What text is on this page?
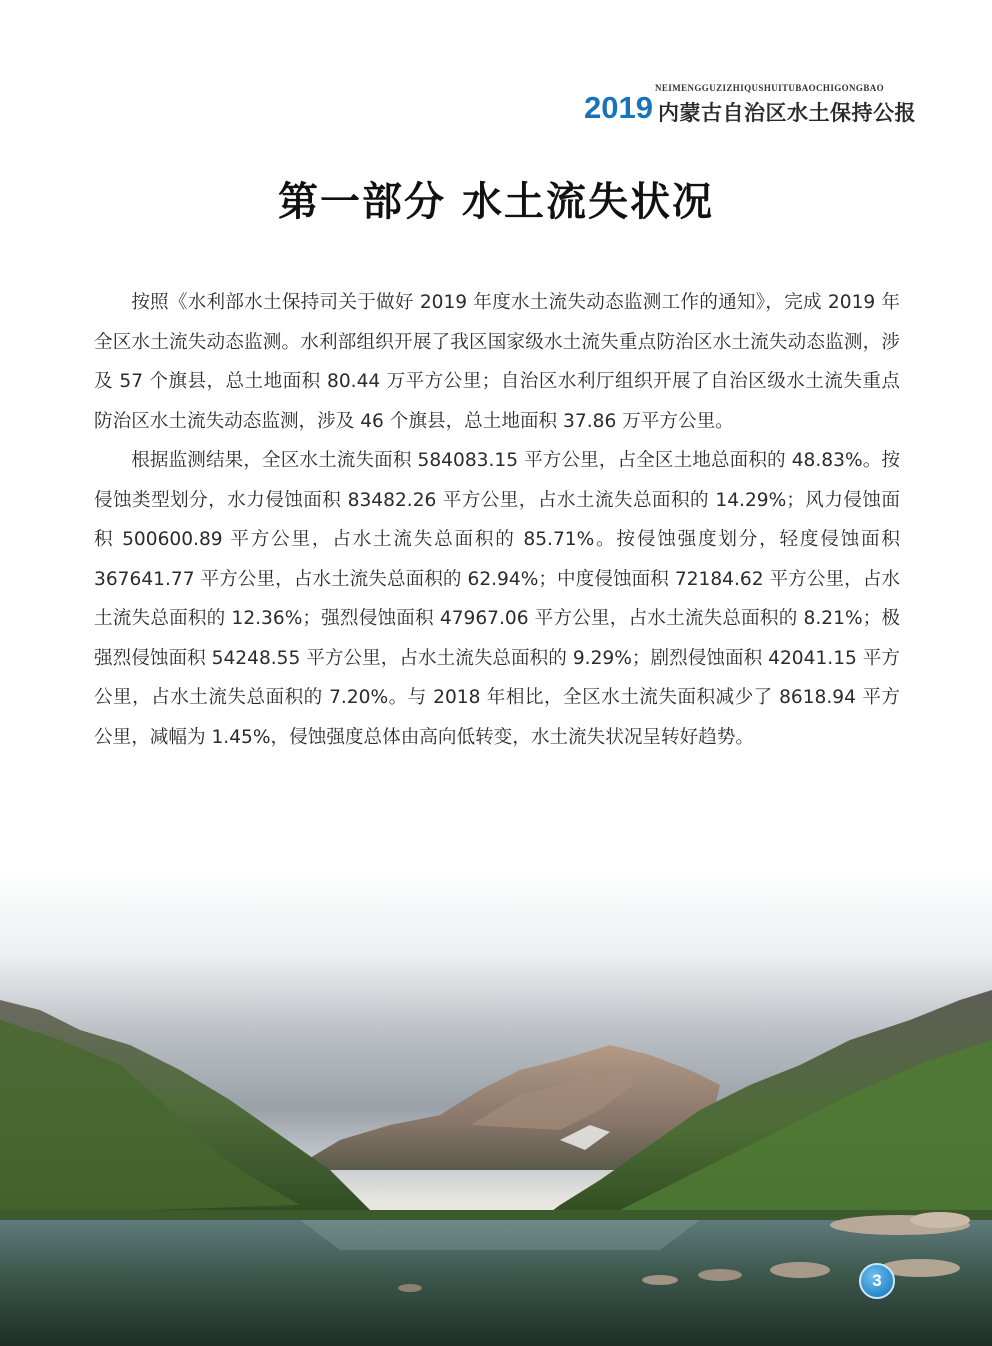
NEIMENGGUZIZHIQUSHUITUBAOCHIGONGBAO
2019 内蒙古自治区水土保持公报
第一部分 水土流失状况

按照《水利部水土保持司关于做好 2019 年度水土流失动态监测工作的通知》，完成 2019 年全区水土流失动态监测。水利部组织开展了我区国家级水土流失重点防治区水土流失动态监测，涉及 57 个旗县，总土地面积 80.44 万平方公里；自治区水利厅组织开展了自治区级水土流失重点防治区水土流失动态监测，涉及 46 个旗县，总土地面积 37.86 万平方公里。

根据监测结果，全区水土流失面积 584083.15 平方公里，占全区土地总面积的 48.83%。按侵蚀类型划分，水力侵蚀面积 83482.26 平方公里，占水土流失总面积的 14.29%；风力侵蚀面积 500600.89 平方公里，占水土流失总面积的 85.71%。按侵蚀强度划分，轻度侵蚀面积 367641.77 平方公里，占水土流失总面积的 62.94%；中度侵蚀面积 72184.62 平方公里，占水土流失总面积的 12.36%；强烈侵蚀面积 47967.06 平方公里，占水土流失总面积的 8.21%；极强烈侵蚀面积 54248.55 平方公里，占水土流失总面积的 9.29%；剧烈侵蚀面积 42041.15 平方公里，占水土流失总面积的 7.20%。与 2018 年相比，全区水土流失面积减少了 8618.94 平方公里，减幅为 1.45%，侵蚀强度总体由高向低转变，水土流失状况呈转好趋势。

3
